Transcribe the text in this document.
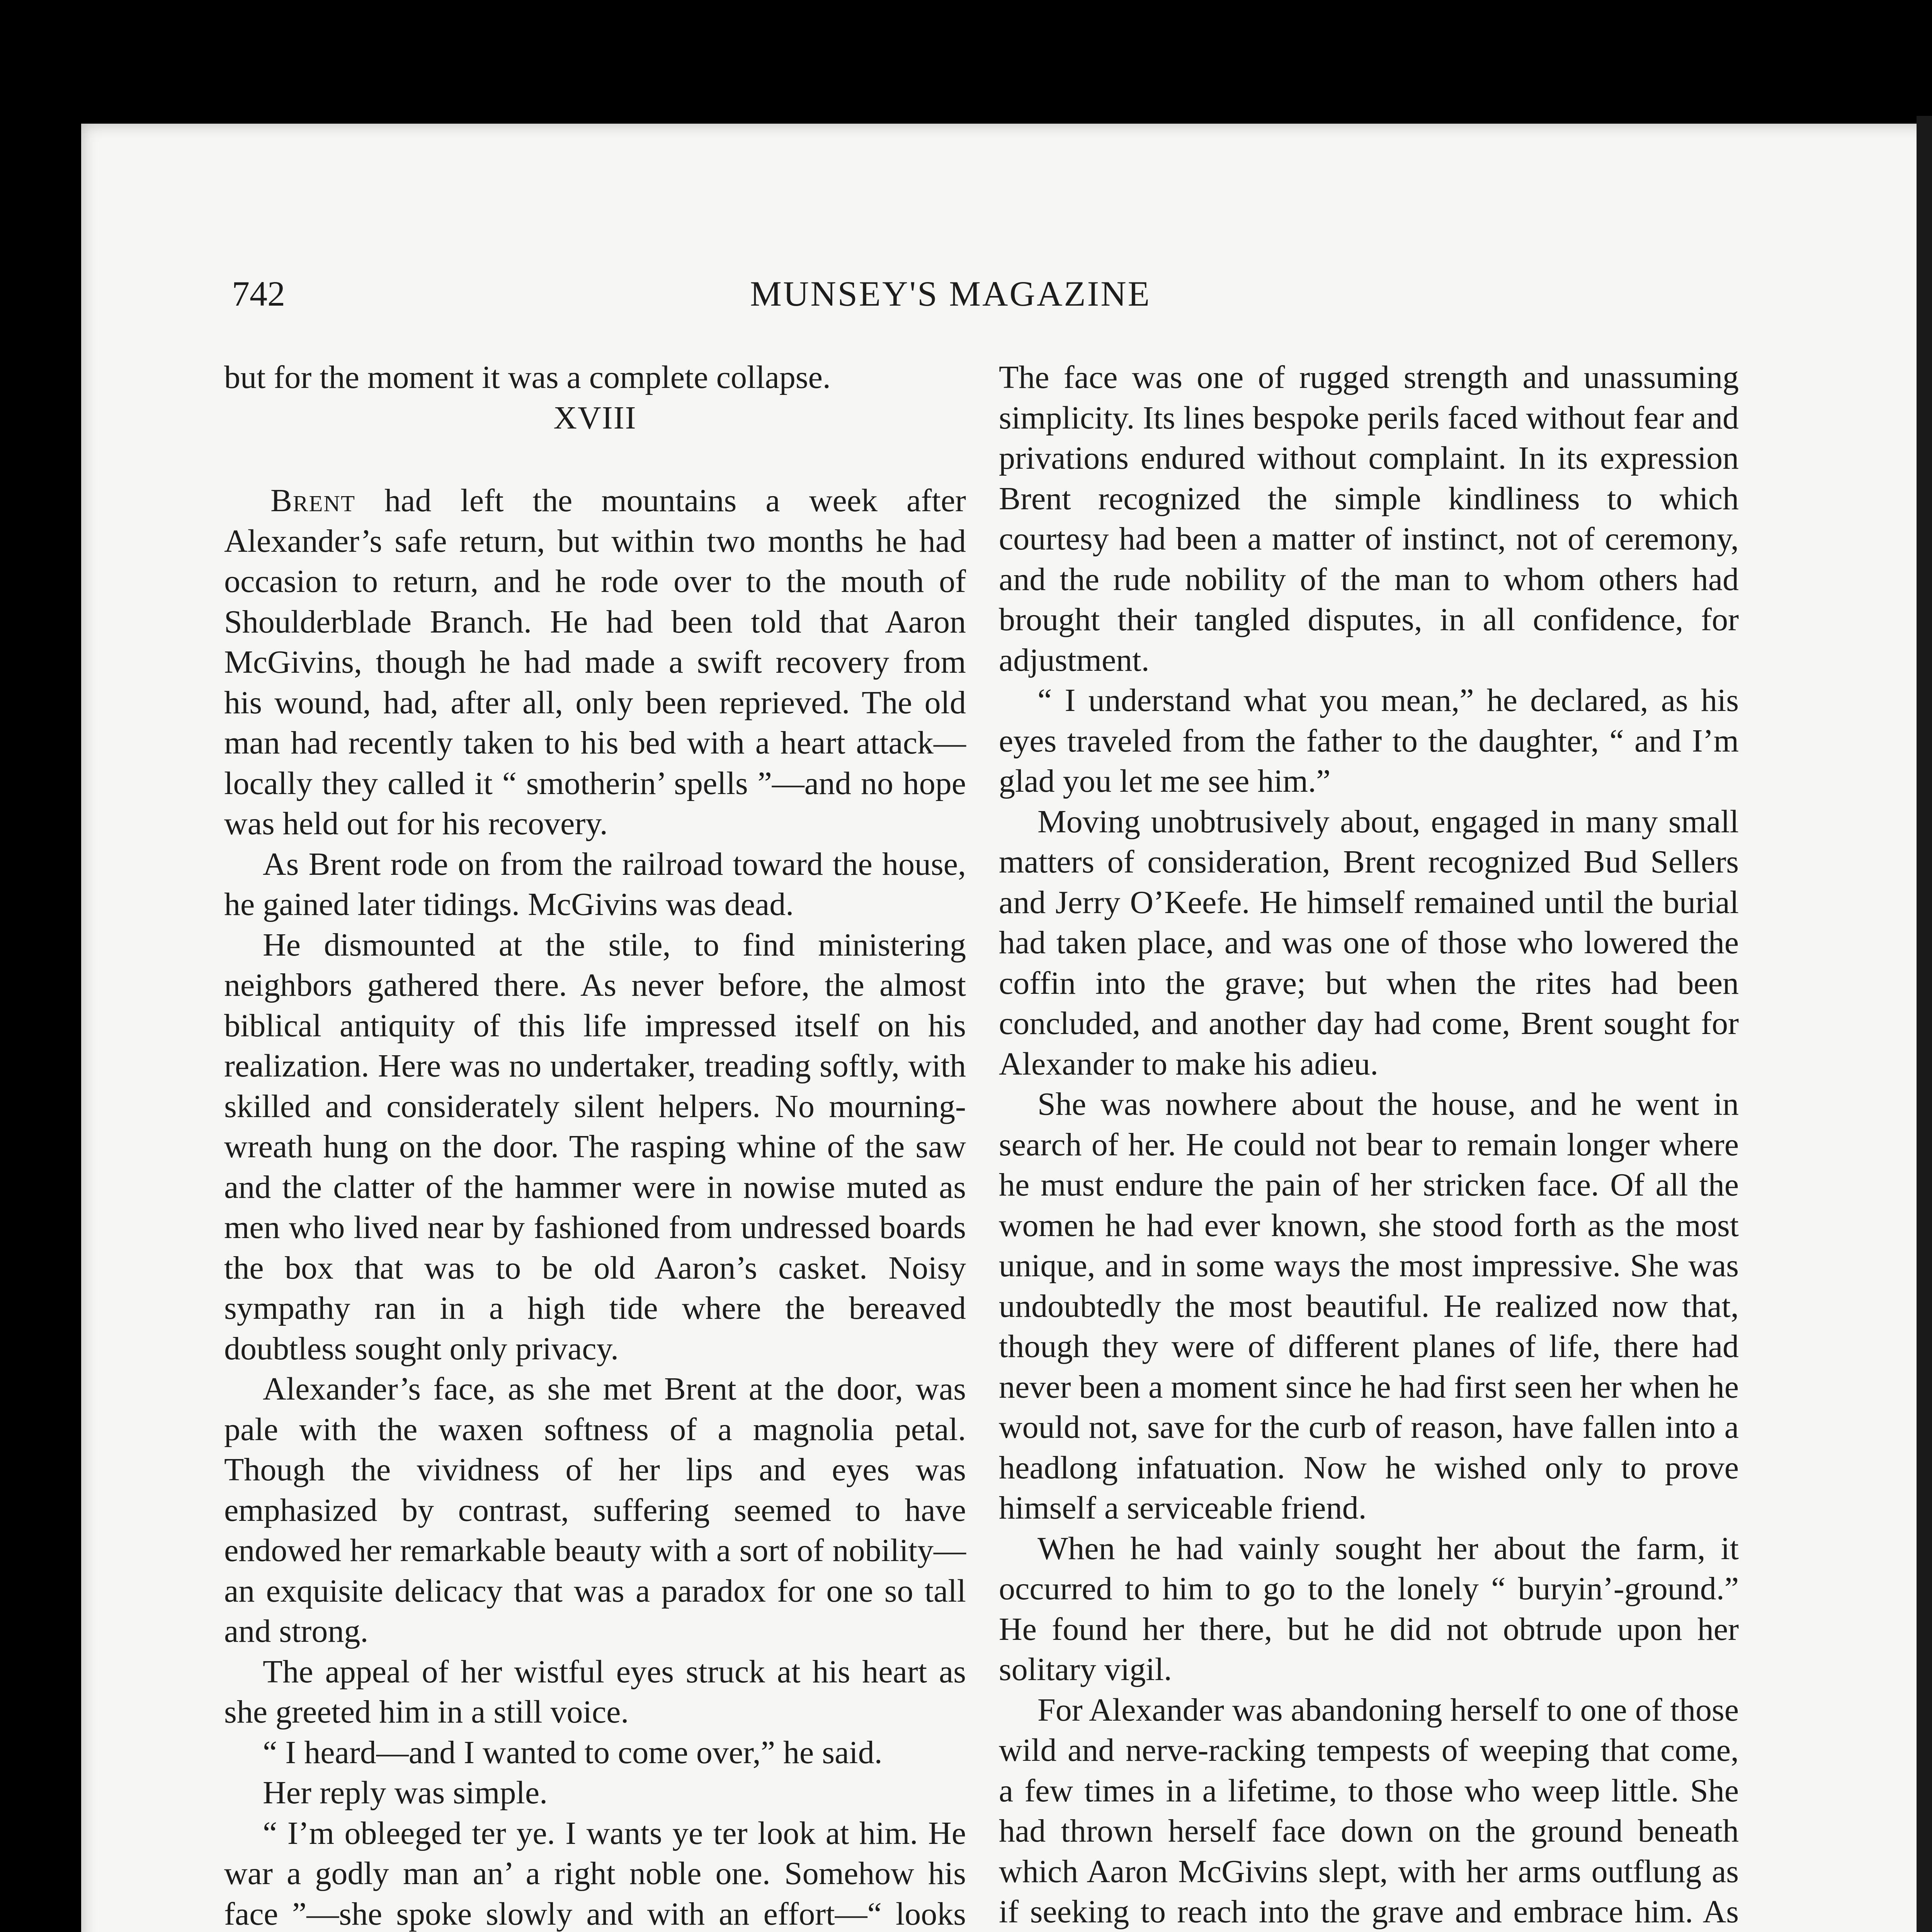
742	MUNSEY'S MAGAZINE

but for the moment it was a complete collapse.

XVIII

Brent had left the mountains a week after Alexander’s safe return, but within two months he had occasion to return, and he rode over to the mouth of Shoulderblade Branch. He had been told that Aaron McGivins, though he had made a swift recovery from his wound, had, after all, only been reprieved. The old man had recently taken to his bed with a heart attack—locally they called it “ smotherin’ spells ”—and no hope was held out for his recovery.

As Brent rode on from the railroad toward the house, he gained later tidings. McGivins was dead.

He dismounted at the stile, to find ministering neighbors gathered there. As never before, the almost biblical antiquity of this life impressed itself on his realization. Here was no undertaker, treading softly, with skilled and considerately silent helpers. No mourning-wreath hung on the door. The rasping whine of the saw and the clatter of the hammer were in nowise muted as men who lived near by fashioned from undressed boards the box that was to be old Aaron’s casket. Noisy sympathy ran in a high tide where the bereaved doubtless sought only privacy.

Alexander’s face, as she met Brent at the door, was pale with the waxen softness of a magnolia petal. Though the vividness of her lips and eyes was emphasized by contrast, suffering seemed to have endowed her remarkable beauty with a sort of nobility—an exquisite delicacy that was a paradox for one so tall and strong.

The appeal of her wistful eyes struck at his heart as she greeted him in a still voice.

“ I heard—and I wanted to come over,” he said.

Her reply was simple.

“ I’m obleeged ter ye. I wants ye ter look at him. He war a godly man an’ a right noble one. Somehow his face ”—she spoke slowly and with an effort—“ looks

The face was one of rugged strength and unassuming simplicity. Its lines bespoke perils faced without fear and privations endured without complaint. In its expression Brent recognized the simple kindliness to which courtesy had been a matter of instinct, not of ceremony, and the rude nobility of the man to whom others had brought their tangled disputes, in all confidence, for adjustment.

“ I understand what you mean,” he declared, as his eyes traveled from the father to the daughter, “ and I’m glad you let me see him.”

Moving unobtrusively about, engaged in many small matters of consideration, Brent recognized Bud Sellers and Jerry O’Keefe. He himself remained until the burial had taken place, and was one of those who lowered the coffin into the grave; but when the rites had been concluded, and another day had come, Brent sought for Alexander to make his adieu.

She was nowhere about the house, and he went in search of her. He could not bear to remain longer where he must endure the pain of her stricken face. Of all the women he had ever known, she stood forth as the most unique, and in some ways the most impressive. She was undoubtedly the most beautiful. He realized now that, though they were of different planes of life, there had never been a moment since he had first seen her when he would not, save for the curb of reason, have fallen into a headlong infatuation. Now he wished only to prove himself a serviceable friend.

When he had vainly sought her about the farm, it occurred to him to go to the lonely “ buryin’-ground.” He found her there, but he did not obtrude upon her solitary vigil.

For Alexander was abandoning herself to one of those wild and nerve-racking tempests of weeping that come, a few times in a lifetime, to those who weep little. She had thrown herself face down on the ground beneath which Aaron McGivins slept, with her arms outflung as if seeking to reach into the grave and embrace him. As
